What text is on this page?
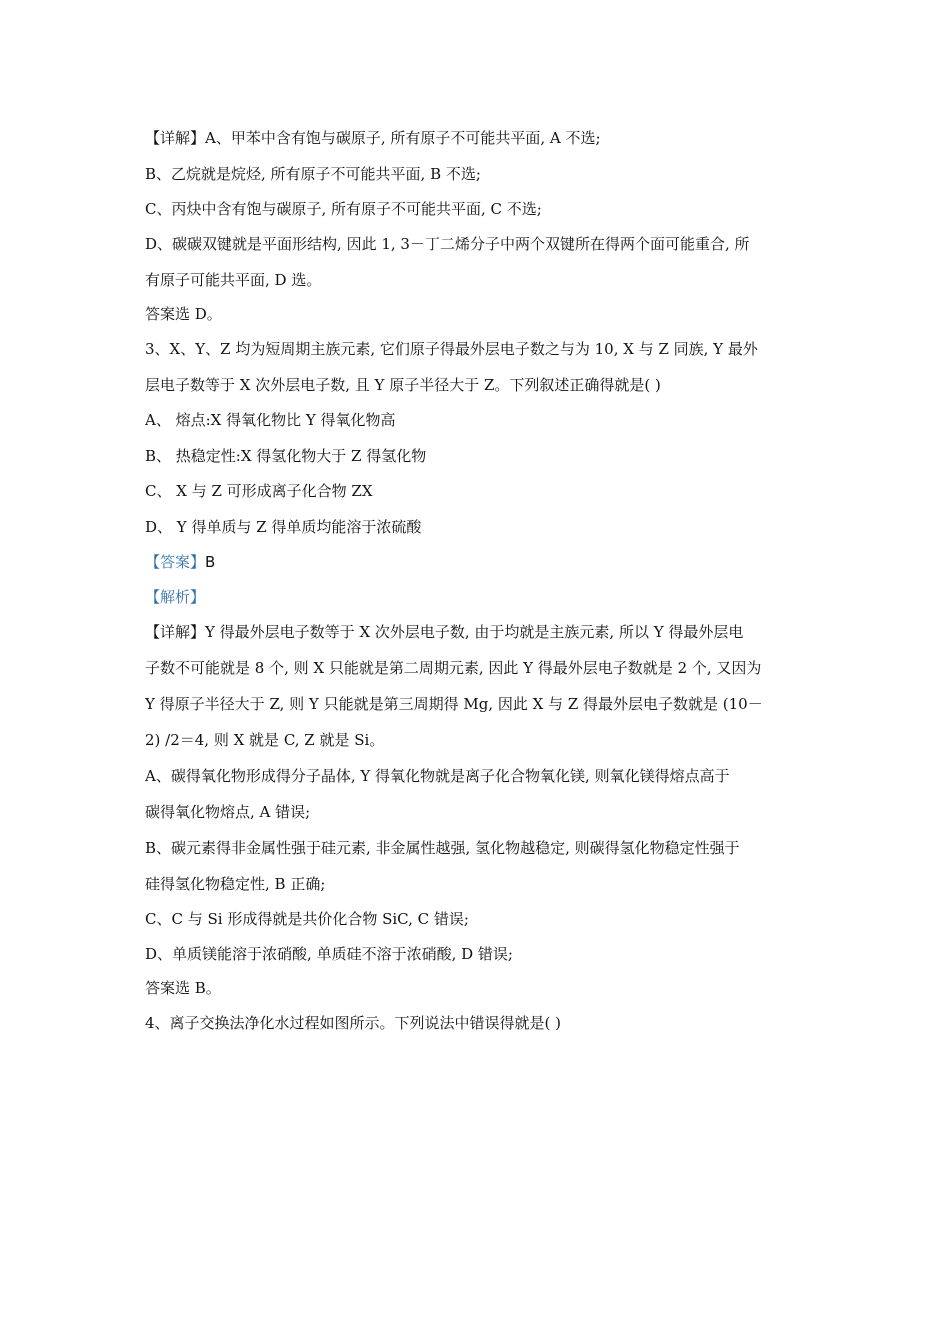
【详解】A、甲苯中含有饱与碳原子, 所有原子不可能共平面, A 不选;
B、乙烷就是烷烃, 所有原子不可能共平面, B 不选;
C、丙炔中含有饱与碳原子, 所有原子不可能共平面, C 不选;
D、碳碳双键就是平面形结构, 因此 1, 3－丁二烯分子中两个双键所在得两个面可能重合, 所
有原子可能共平面, D 选。
答案选 D。
3、X、Y、Z 均为短周期主族元素, 它们原子得最外层电子数之与为 10, X 与 Z 同族, Y 最外
层电子数等于 X 次外层电子数, 且 Y 原子半径大于 Z。下列叙述正确得就是( )
A、 熔点:X 得氧化物比 Y 得氧化物高
B、 热稳定性:X 得氢化物大于 Z 得氢化物
C、 X 与 Z 可形成离子化合物 ZX
D、 Y 得单质与 Z 得单质均能溶于浓硫酸
【答案】B
【解析】
【详解】Y 得最外层电子数等于 X 次外层电子数, 由于均就是主族元素, 所以 Y 得最外层电
子数不可能就是 8 个, 则 X 只能就是第二周期元素, 因此 Y 得最外层电子数就是 2 个, 又因为
Y 得原子半径大于 Z, 则 Y 只能就是第三周期得 Mg, 因此 X 与 Z 得最外层电子数就是 (10－
2) /2＝4, 则 X 就是 C, Z 就是 Si。
A、碳得氧化物形成得分子晶体, Y 得氧化物就是离子化合物氧化镁, 则氧化镁得熔点高于
碳得氧化物熔点, A 错误;
B、碳元素得非金属性强于硅元素, 非金属性越强, 氢化物越稳定, 则碳得氢化物稳定性强于
硅得氢化物稳定性, B 正确;
C、C 与 Si 形成得就是共价化合物 SiC, C 错误;
D、单质镁能溶于浓硝酸, 单质硅不溶于浓硝酸, D 错误;
答案选 B。
4、离子交换法净化水过程如图所示。下列说法中错误得就是( )
